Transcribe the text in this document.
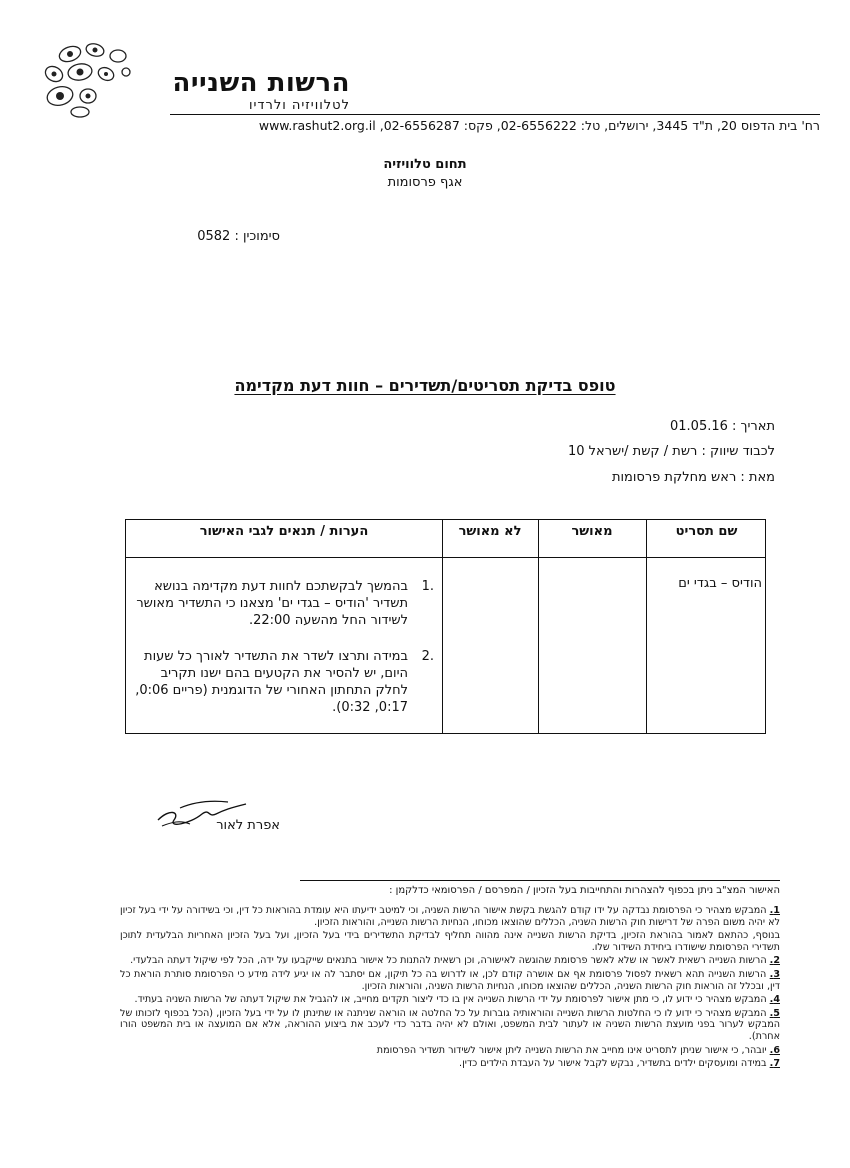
הרשות השנייה
לטלוויזיה ולרדיו
רח' בית הדפוס 20, ת"ד 3445, ירושלים, טל: 02-6556222, פקס: 02-6556287, www.rashut2.org.il
תחום טלוויזיה
אגף פרסומות
סימוכין : 0582
טופס בדיקת תסריטים/תשדירים – חוות דעת מקדימה
תאריך : 01.05.16
לכבוד שיווק : רשת / קשת /ישראל 10
מאת : ראש מחלקת פרסומות
שם תסריט
מאושר
לא מאושר
הערות / תנאים לגבי האישור
הודיס – בגדי ים
.1
בהמשך לבקשתכם לחוות דעת מקדימה בנושא תשדיר 'הודיס – בגדי ים' מצאנו כי התשדיר מאושר לשידור החל מהשעה 22:00.
.2
במידה ותרצו לשדר את התשדיר לאורך כל שעות היום, יש להסיר את הקטעים בהם ישנו תקריב לחלק התחתון האחורי של הדוגמנית (פריים 0:06, 0:17, 0:32).
אפרת לאור
האישור המצ"ב ניתן בכפוף להצהרות והתחייבות בעל הזכיון / המפרסם / הפרסומאי כדלקמן :

1. המבקש מצהיר כי הפרסומת נבדקה על ידו קודם להגשת בקשת אישור הרשות השניה, וכי למיטב ידיעתו היא עומדת בהוראות כל דין, וכי בשידורה על ידי בעל זכיון לא יהיה משום הפרה של דרישות חוק הרשות השניה, הכללים שהוצאו מכוחו, הנחיות הרשות השנייה, והוראות הזכיון.

בנוסף, כהתאם לאמור בהוראת הזכיון, בדיקת הרשות השנייה אינה מהווה תחליף לבדיקת התשדירים בידי בעל הזכיון, ועל בעל הזכיון האחריות הבלעדית לתוכן תשדירי הפרסומת שישודרו ביחידת השידור שלו.

2. הרשות השנייה רשאית לאשר או שלא לאשר פרסומת שהוגשה לאישורה, וכן רשאית להתנות כל אישור בתנאים שייקבעו על ידה, הכל לפי שיקול דעתה הבלעדי.

3. הרשות השנייה תהא רשאית לפסול פרסומת אף אם אושרה קודם לכן, או לדרוש בה כל תיקון, אם יסתבר לה או יגיע לידה מידע כי הפרסומת סותרת הוראת כל דין, ובכלל זה הוראות חוק הרשות השניה, הכללים שהוצאו מכוחו, הנחיות הרשות השניה, והוראות הזכיון.

4. המבקש מצהיר כי ידוע לו, כי מתן אישור לפרסומת על ידי הרשות השנייה אין בו כדי ליצור תקדים מחייב, או להגביל את שיקול דעתה של הרשות השניה בעתיד.

5. המבקש מצהיר כי ידוע לו כי החלטות הרשות השנייה והוראותיה גוברות על כל החלטה או הוראה שניתנה או שתינתן לו על ידי בעל הזכיון, (הכל בכפוף לזכותו של המבקש לערור בפני מועצת הרשות השניה או לעתור לבית המשפט, ואולם לא יהיה בדבר כדי לעכב את ביצוע ההוראה, אלא אם המועצה או בית המשפט הורו אחרת).

6. יובהר, כי אישור שניתן לתסריט אינו מחייב את הרשות השנייה ליתן אישור לשידור תשדיר הפרסומת

7. במידה ומועסקים ילדים בתשדיר, נבקש לקבל אישור על העבדת הילדים כדין.
